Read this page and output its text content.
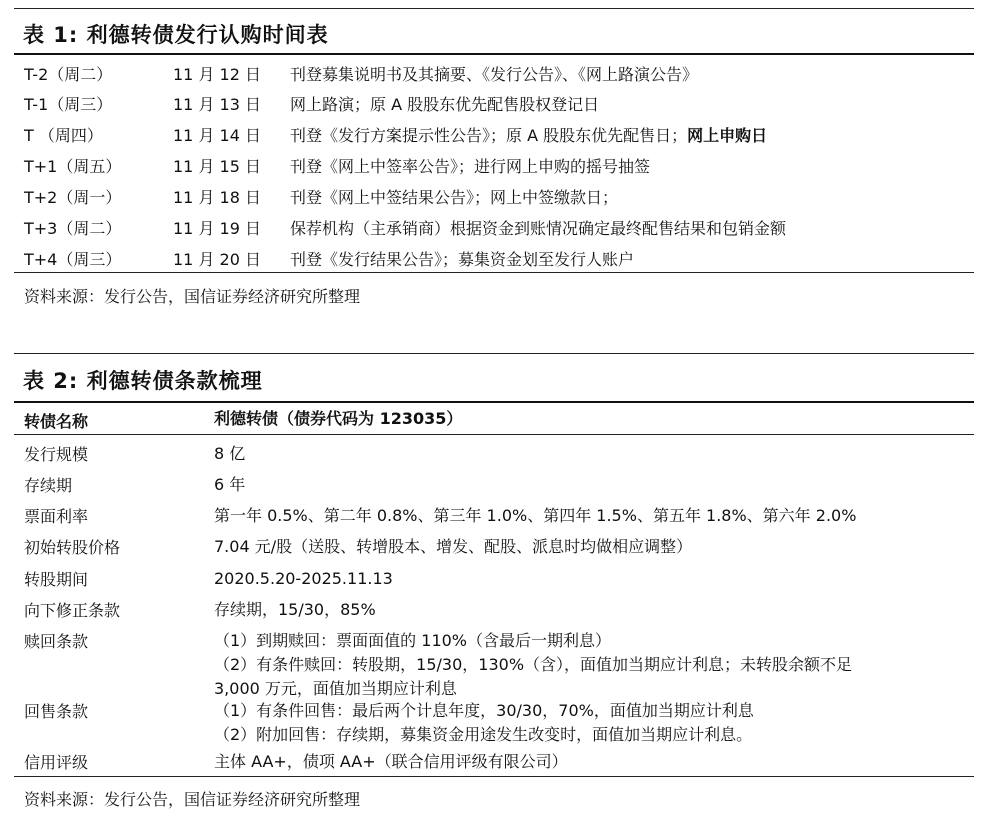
表 1: 利德转债发行认购时间表
T-2（周二）	11 月 12 日 刊登募集说明书及其摘要、《发行公告》、《网上路演公告》
T-1（周三）	11 月 13 日 网上路演；原 A 股股东优先配售股权登记日
T （周四）	11 月 14 日 刊登《发行方案提示性公告》；原 A 股股东优先配售日；网上申购日
T+1（周五）	11 月 15 日 刊登《网上中签率公告》；进行网上申购的摇号抽签
T+2（周一）	11 月 18 日 刊登《网上中签结果公告》；网上中签缴款日；
T+3（周二）	11 月 19 日 保荐机构（主承销商）根据资金到账情况确定最终配售结果和包销金额
T+4（周三）	11 月 20 日 刊登《发行结果公告》；募集资金划至发行人账户
资料来源：发行公告，国信证券经济研究所整理
表 2: 利德转债条款梳理
转债名称	利德转债（债券代码为 123035）
发行规模	8 亿
存续期	6 年
票面利率	第一年 0.5%、第二年 0.8%、第三年 1.0%、第四年 1.5%、第五年 1.8%、第六年 2.0%
初始转股价格	7.04 元/股（送股、转增股本、增发、配股、派息时均做相应调整）
转股期间	2020.5.20-2025.11.13
向下修正条款	存续期，15/30，85%
赎回条款	（1）到期赎回：票面面值的 110%（含最后一期利息）
（2）有条件赎回：转股期，15/30，130%（含），面值加当期应计利息；未转股余额不足
3,000 万元，面值加当期应计利息
回售条款	（1）有条件回售：最后两个计息年度，30/30，70%，面值加当期应计利息
（2）附加回售：存续期，募集资金用途发生改变时，面值加当期应计利息。
信用评级	主体 AA+，债项 AA+（联合信用评级有限公司）
资料来源：发行公告，国信证券经济研究所整理
